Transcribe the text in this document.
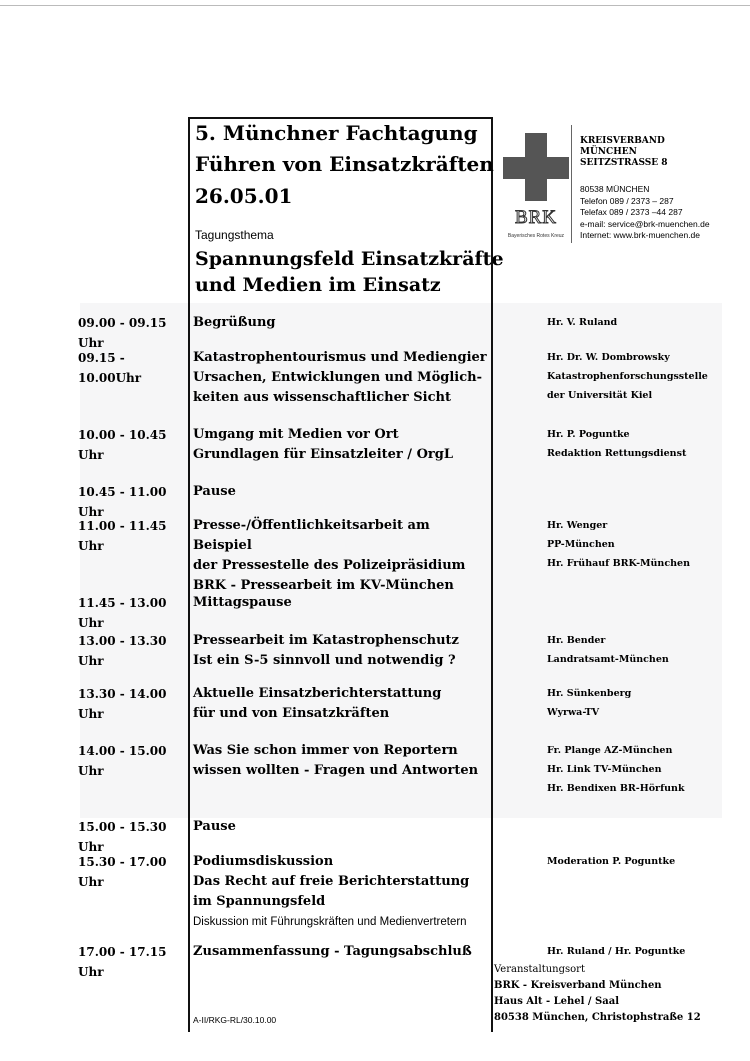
5. Münchner Fachtagung
Führen von Einsatzkräften
26.05.01
Tagungsthema
Spannungsfeld Einsatzkräfte
und Medien im Einsatz
BRK
Bayerisches Rotes Kreuz
KREISVERBAND
MÜNCHEN
SEITZSTRASSE 8
80538 MÜNCHEN
Telefon 089 / 2373 – 287
Telefax 089 / 2373 –44 287
e-mail: service@brk-muenchen.de
Internet: www.brk-muenchen.de
09.00 - 09.15 Uhr
Begrüßung	Hr. V. Ruland
09.15 - 10.00Uhr
Katastrophentourismus und Mediengier
Ursachen, Entwicklungen und Möglich-
keiten aus wissenschaftlicher Sicht
Hr. Dr. W. Dombrowsky
Katastrophenforschungsstelle
der Universität Kiel
10.00 - 10.45 Uhr
Umgang mit Medien vor Ort
Grundlagen für Einsatzleiter / OrgL
Hr. P. Poguntke
Redaktion Rettungsdienst
10.45 - 11.00 Uhr
Pause
11.00 - 11.45 Uhr
Presse-/Öffentlichkeitsarbeit am Beispiel
der Pressestelle des Polizeipräsidium
BRK - Pressearbeit im KV-München
Hr. Wenger
PP-München
Hr. Frühauf BRK-München
11.45 - 13.00 Uhr
Mittagspause
13.00 - 13.30 Uhr
Pressearbeit im Katastrophenschutz
Ist ein S-5 sinnvoll und notwendig ?
Hr. Bender
Landratsamt-München
13.30 - 14.00 Uhr
Aktuelle Einsatzberichterstattung
für und von Einsatzkräften
Hr. Sünkenberg
Wyrwa-TV
14.00 - 15.00 Uhr
Was Sie schon immer von Reportern
wissen wollten - Fragen und Antworten
Fr. Plange AZ-München
Hr. Link TV-München
Hr. Bendixen BR-Hörfunk
15.00 - 15.30 Uhr
Pause
15.30 - 17.00 Uhr
Podiumsdiskussion
Das Recht auf freie Berichterstattung
im Spannungsfeld
Diskussion mit Führungskräften und Medienvertretern
Moderation P. Poguntke
17.00 - 17.15 Uhr
Zusammenfassung - Tagungsabschluß	Hr. Ruland / Hr. Poguntke
Veranstaltungsort
BRK - Kreisverband München
Haus Alt - Lehel / Saal
80538 München, Christophstraße 12
A-II/RKG-RL/30.10.00
